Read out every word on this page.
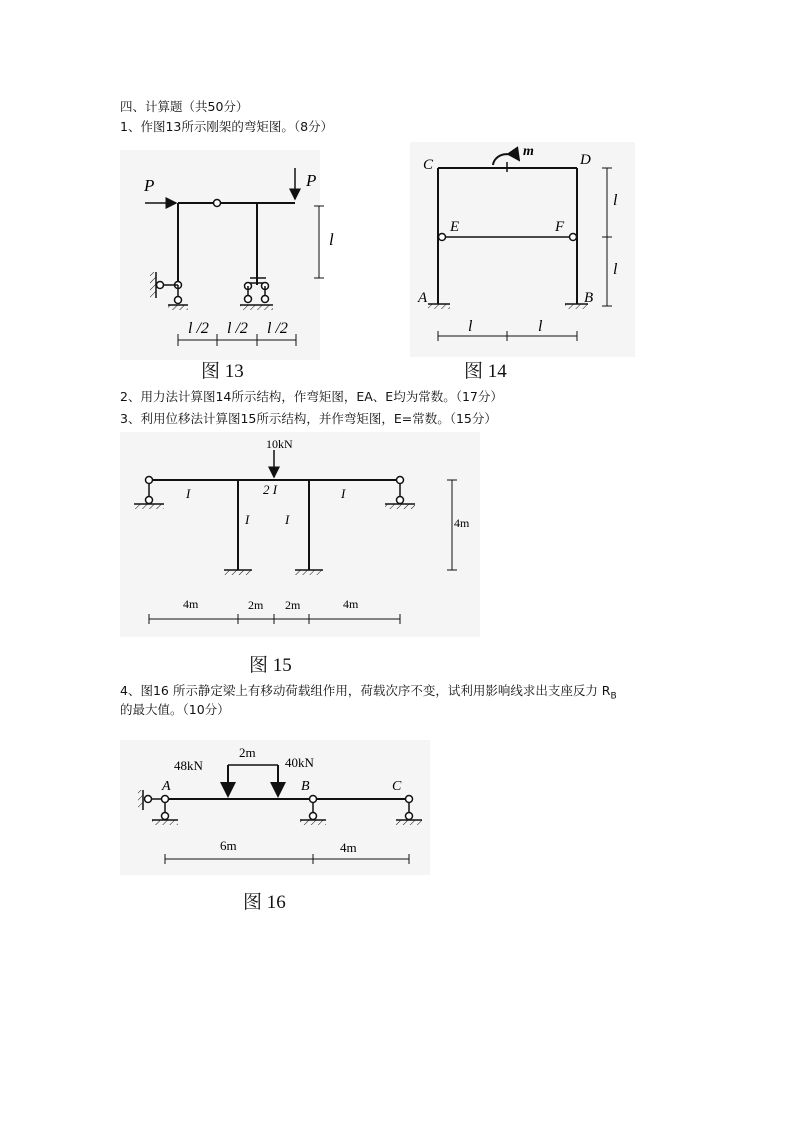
四、计算题（共50分）
1、作图13所示刚架的弯矩图。（8分）
2、用力法计算图14所示结构，作弯矩图，EA、E均为常数。（17分）
3、利用位移法计算图15所示结构，并作弯矩图，E=常数。（15分）
4、图16 所示静定梁上有移动荷载组作用，荷载次序不变，试利用影响线求出支座反力 $R_B$
的最大值。（10分）
P	P
l
l /2 l /2 l /2
图 13
m
C	D
E	F
A	B
l
l
l	l
图 14
10kN
I	2 I	I
I	I	4m
4m	2m 2m	4m
图 15
2m
48kN	40kN
A	B	C
6m	4m
图 16
